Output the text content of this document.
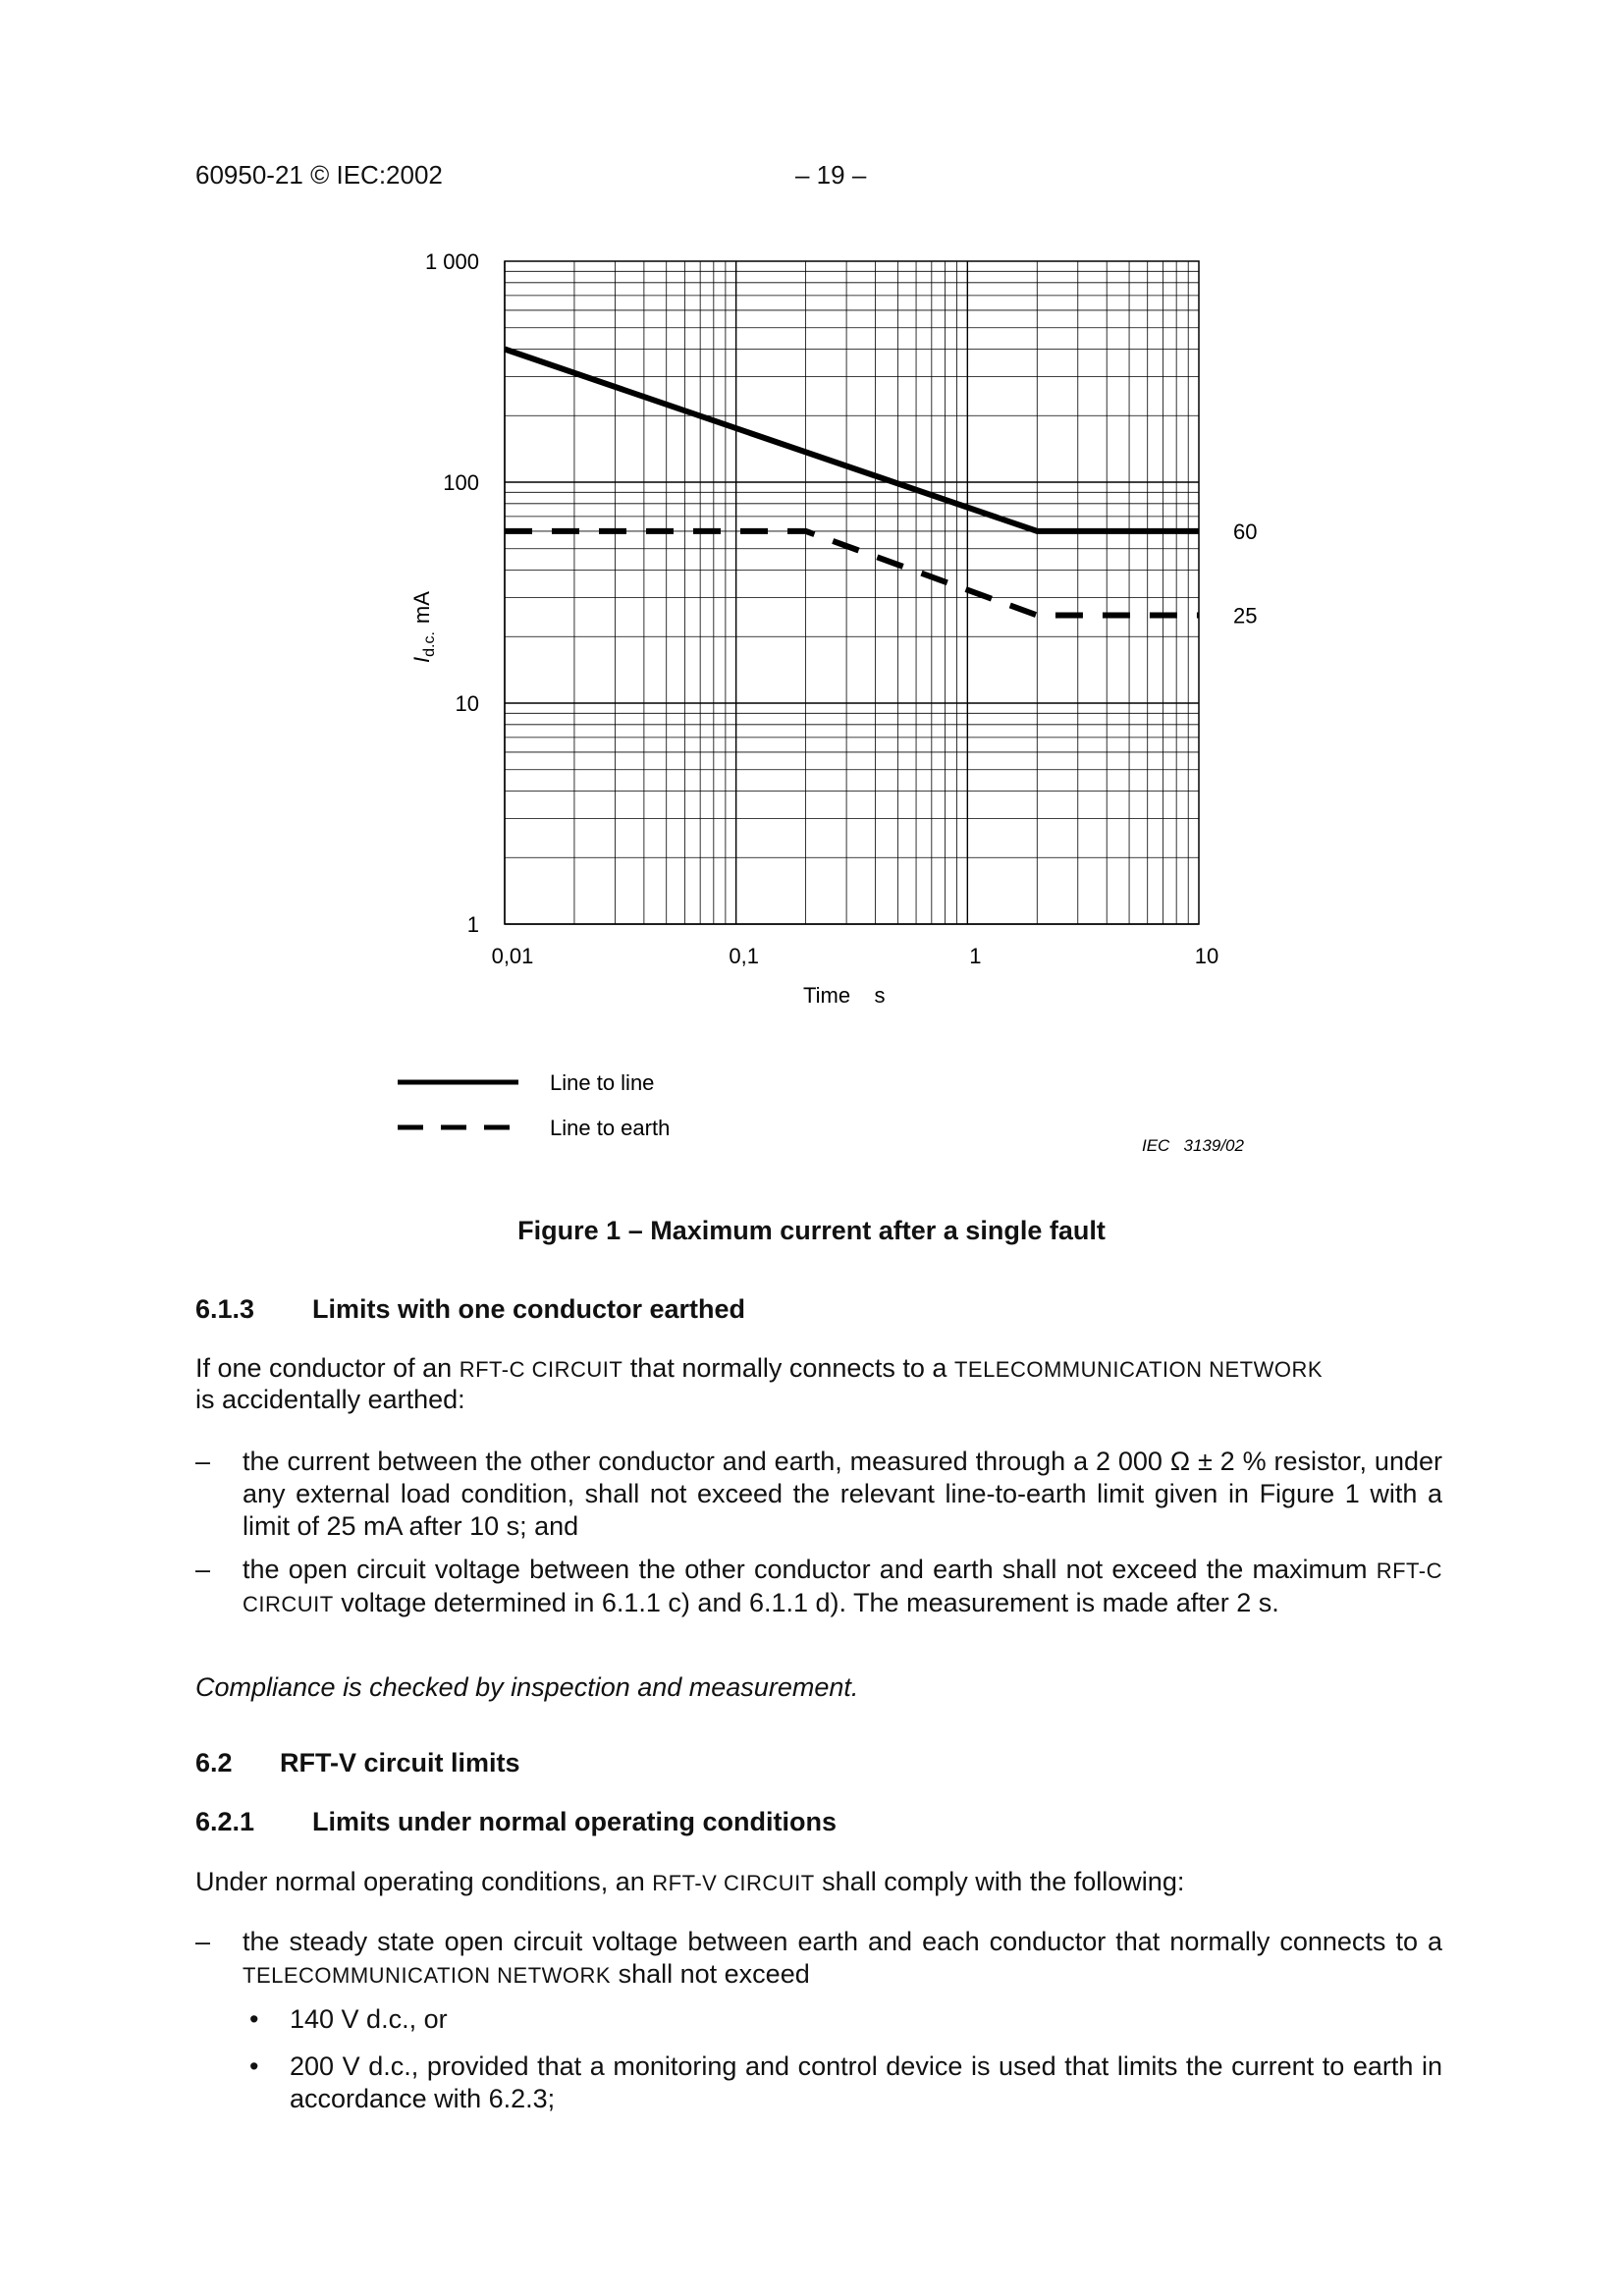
60950-21 © IEC:2002	– 19 –
0,01	0,1	1	10
1
10
100
1 000
60
25
$I_{d.c.}mA$
Time    s
Line to line
Line to earth
IEC   3139/02
Figure 1 – Maximum current after a single fault
6.1.3 Limits with one conductor earthed
If one conductor of an RFT-C CIRCUIT that normally connects to a TELECOMMUNICATION NETWORK
is accidentally earthed:
– the current between the other conductor and earth, measured through a 2 000 Ω ± 2 % resistor, under any external load condition, shall not exceed the relevant line-to-earth limit given in Figure 1 with a limit of 25 mA after 10 s; and
– the open circuit voltage between the other conductor and earth shall not exceed the maximum RFT-C CIRCUIT voltage determined in 6.1.1 c) and 6.1.1 d). The measurement is made after 2 s.
Compliance is checked by inspection and measurement.
6.2 RFT-V circuit limits
6.2.1 Limits under normal operating conditions
Under normal operating conditions, an RFT-V CIRCUIT shall comply with the following:
– the steady state open circuit voltage between earth and each conductor that normally connects to a TELECOMMUNICATION NETWORK shall not exceed
• 140 V d.c., or
• 200 V d.c., provided that a monitoring and control device is used that limits the current to earth in accordance with 6.2.3;
